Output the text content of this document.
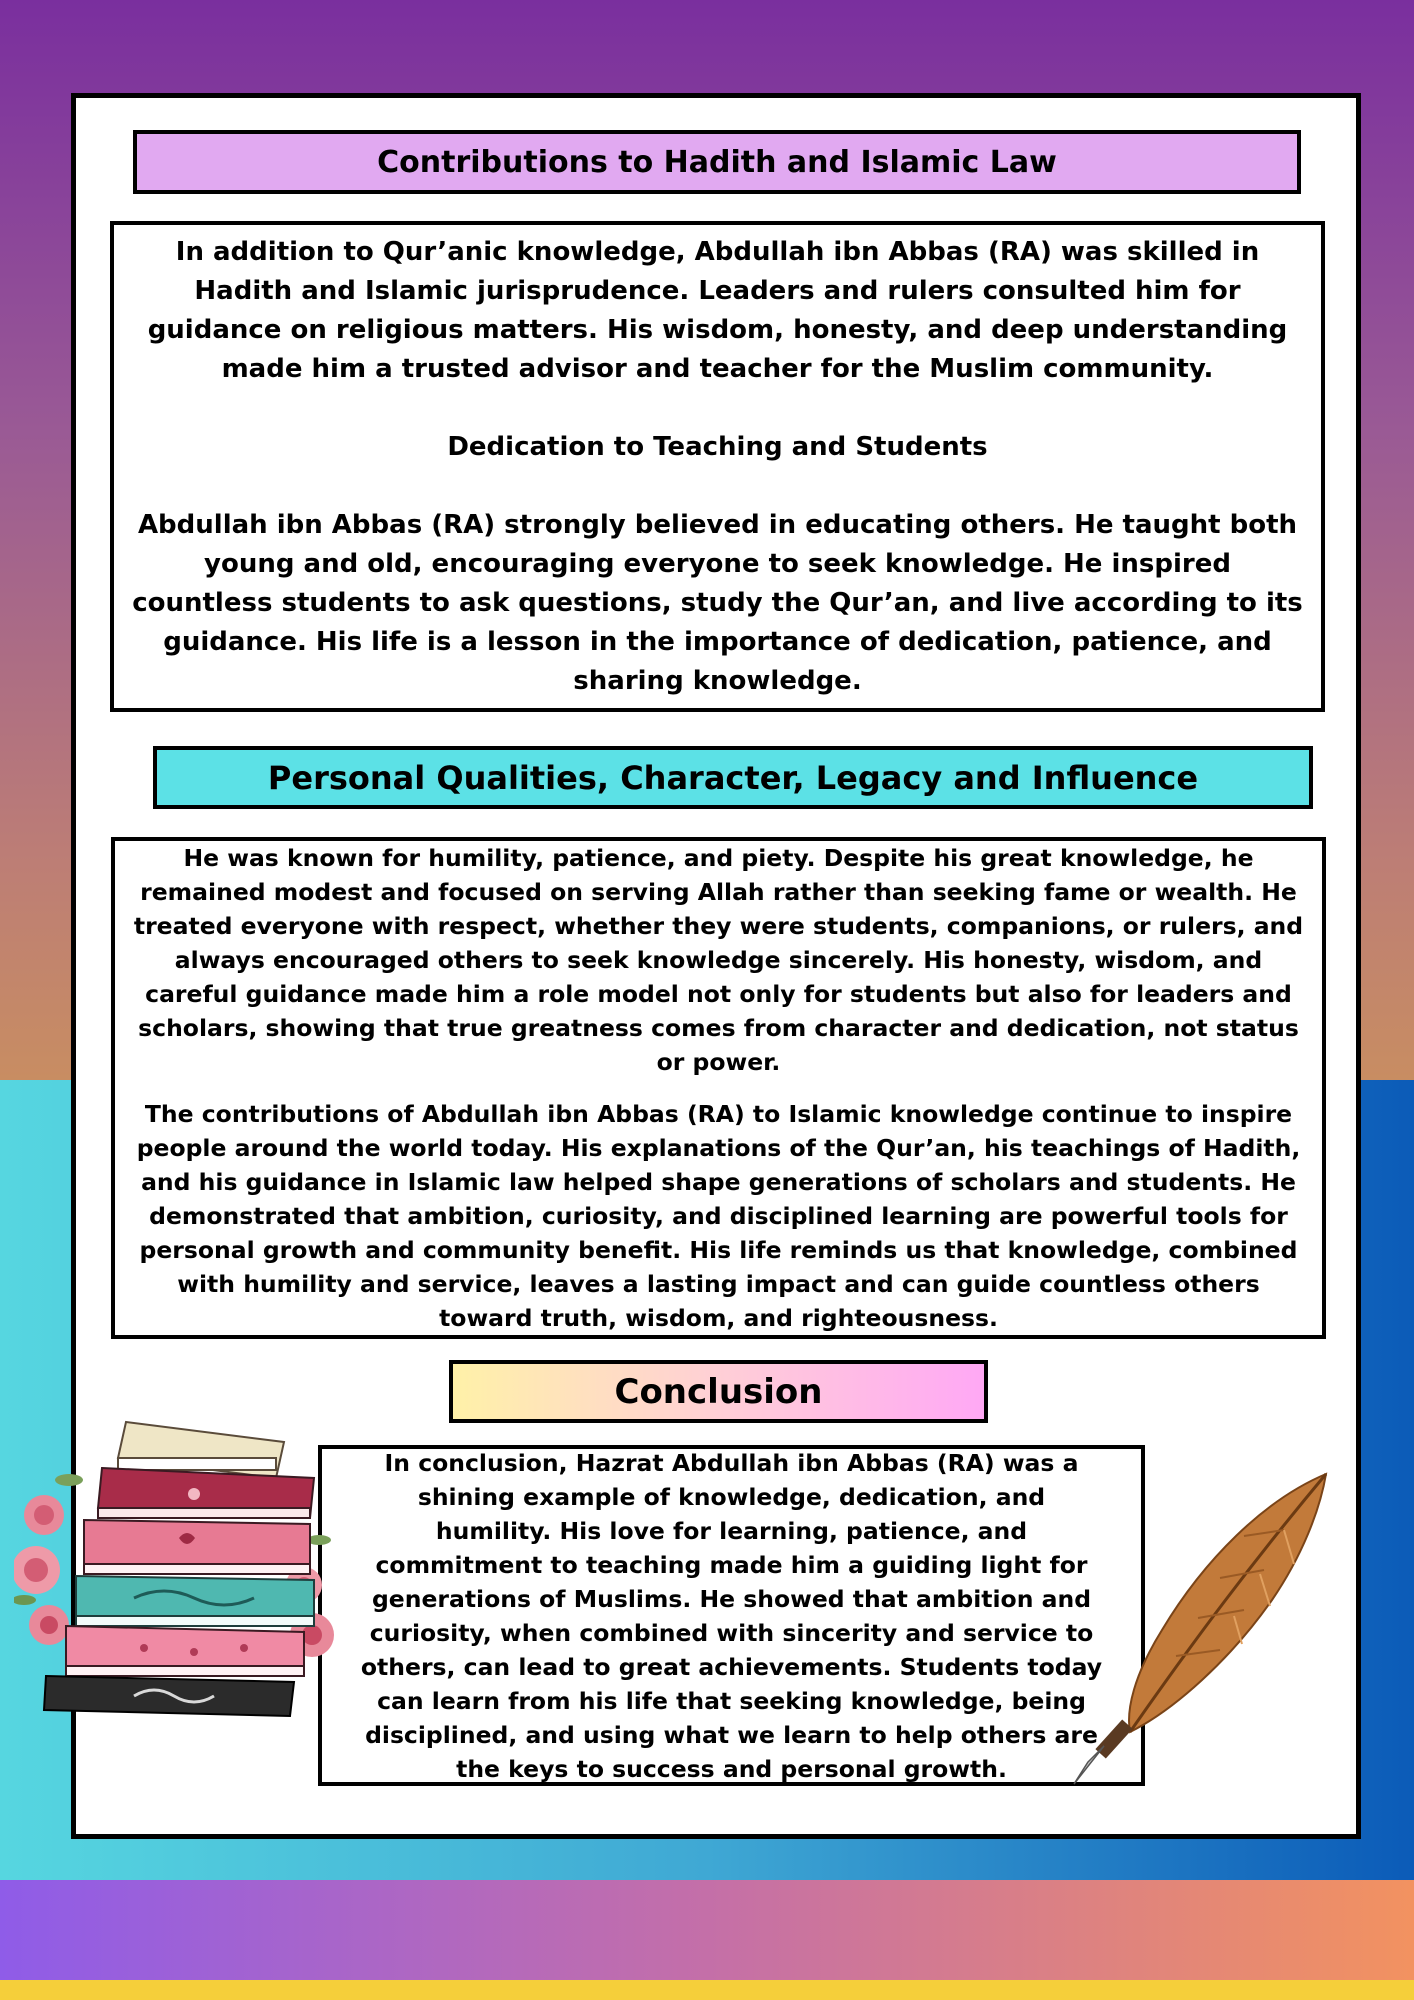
Contributions to Hadith and Islamic Law

In addition to Qur’anic knowledge, Abdullah ibn Abbas (RA) was skilled in Hadith and Islamic jurisprudence. Leaders and rulers consulted him for guidance on religious matters. His wisdom, honesty, and deep understanding made him a trusted advisor and teacher for the Muslim community.

Dedication to Teaching and Students

Abdullah ibn Abbas (RA) strongly believed in educating others. He taught both young and old, encouraging everyone to seek knowledge. He inspired countless students to ask questions, study the Qur’an, and live according to its guidance. His life is a lesson in the importance of dedication, patience, and sharing knowledge.

Personal Qualities, Character, Legacy and Influence

He was known for humility, patience, and piety. Despite his great knowledge, he remained modest and focused on serving Allah rather than seeking fame or wealth. He treated everyone with respect, whether they were students, companions, or rulers, and always encouraged others to seek knowledge sincerely. His honesty, wisdom, and careful guidance made him a role model not only for students but also for leaders and scholars, showing that true greatness comes from character and dedication, not status or power.

The contributions of Abdullah ibn Abbas (RA) to Islamic knowledge continue to inspire people around the world today. His explanations of the Qur’an, his teachings of Hadith, and his guidance in Islamic law helped shape generations of scholars and students. He demonstrated that ambition, curiosity, and disciplined learning are powerful tools for personal growth and community benefit. His life reminds us that knowledge, combined with humility and service, leaves a lasting impact and can guide countless others toward truth, wisdom, and righteousness.

Conclusion

In conclusion, Hazrat Abdullah ibn Abbas (RA) was a shining example of knowledge, dedication, and humility. His love for learning, patience, and commitment to teaching made him a guiding light for generations of Muslims. He showed that ambition and curiosity, when combined with sincerity and service to others, can lead to great achievements. Students today can learn from his life that seeking knowledge, being disciplined, and using what we learn to help others are the keys to success and personal growth.
